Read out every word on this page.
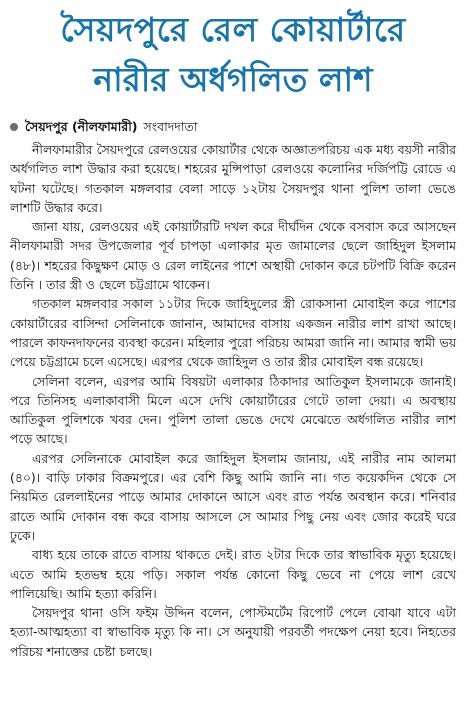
সৈয়দপুরে রেল কোয়ার্টারে
নারীর অর্ধগলিত লাশ
সৈয়দপুর (নীলফামারী) সংবাদদাতা

নীলফামারীর সৈয়দপুরে রেলওয়ের কোয়ার্টার থেকে অজ্ঞাতপরিচয় এক মধ্য বয়সী নারীর অর্ধগলিত লাশ উদ্ধার করা হয়েছে। শহরের মুন্সিপাড়া রেলওয়ে কলোনির দর্জিপট্টি রোডে এ ঘটনা ঘটেছে। গতকাল মঙ্গলবার বেলা সাড়ে ১২টায় সৈয়দপুর থানা পুলিশ তালা ভেঙে লাশটি উদ্ধার করে।

জানা যায়, রেলওয়ের এই কোয়ার্টারটি দখল করে দীর্ঘদিন থেকে বসবাস করে আসছেন নীলফামারী সদর উপজেলার পূর্ব চাপড়া এলাকার মৃত জামালের ছেলে জাহিদুল ইসলাম (৪৮)। শহরের কিছুক্ষণ মোড় ও রেল লাইনের পাশে অস্থায়ী দোকান করে চটপটি বিক্রি করেন তিনি । তার স্ত্রী ও ছেলে চট্টগ্রামে থাকেন।

গতকাল মঙ্গলবার সকাল ১১টার দিকে জাহিদুলের স্ত্রী রোকসানা মোবাইল করে পাশের কোয়ার্টারের বাসিন্দা সেলিনাকে জানান, আমাদের বাসায় একজন নারীর লাশ রাখা আছে। পারলে কাফনদাফনের ব্যবস্থা করেন। মহিলার পুরো পরিচয় আমরা জানি না। আমার স্বামী ভয় পেয়ে চট্টগ্রামে চলে এসেছে। এরপর থেকে জাহিদুল ও তার স্ত্রীর মোবাইল বন্ধ রয়েছে।

সেলিনা বলেন, এরপর আমি বিষয়টা এলাকার ঠিকাদার আতিকুল ইসলামকে জানাই। পরে তিনিসহ এলাকাবাসী মিলে এসে দেখি কোয়ার্টারের গেটে তালা দেয়া। এ অবস্থায় আতিকুল পুলিশকে খবর দেন। পুলিশ তালা ভেঙে দেখে মেঝেতে অর্ধগলিত নারীর লাশ পড়ে আছে।

এরপর সেলিনাকে মোবাইল করে জাহিদুল ইসলাম জানায়, এই নারীর নাম আলমা (৪০)। বাড়ি ঢাকার বিক্রমপুরে। এর বেশি কিছু আমি জানি না। গত কয়েকদিন থেকে সে নিয়মিত রেললাইনের পাড়ে আমার দোকানে আসে এবং রাত পর্যন্ত অবস্থান করে। শনিবার রাতে আমি দোকান বন্ধ করে বাসায় আসলে সে আমার পিছু নেয় এবং জোর করেই ঘরে ঢুকে।

বাধ্য হয়ে তাকে রাতে বাসায় থাকতে দেই। রাত ২টার দিকে তার স্বাভাবিক মৃত্যু হয়েছে। এতে আমি হতভম্ব হয়ে পড়ি। সকাল পর্যন্ত কোনো কিছু ভেবে না পেয়ে লাশ রেখে পালিয়েছি। আমি হত্যা করিনি।

সৈয়দপুর থানা ওসি ফইম উদ্দিন বলেন, পোস্টমর্টেম রিপোর্ট পেলে বোঝা যাবে এটা হত্যা-আত্মহত্যা বা স্বাভাবিক মৃত্যু কি না। সে অনুযায়ী পরবর্তী পদক্ষেপ নেয়া হবে। নিহতের পরিচয় শনাক্তের চেষ্টা চলছে।
